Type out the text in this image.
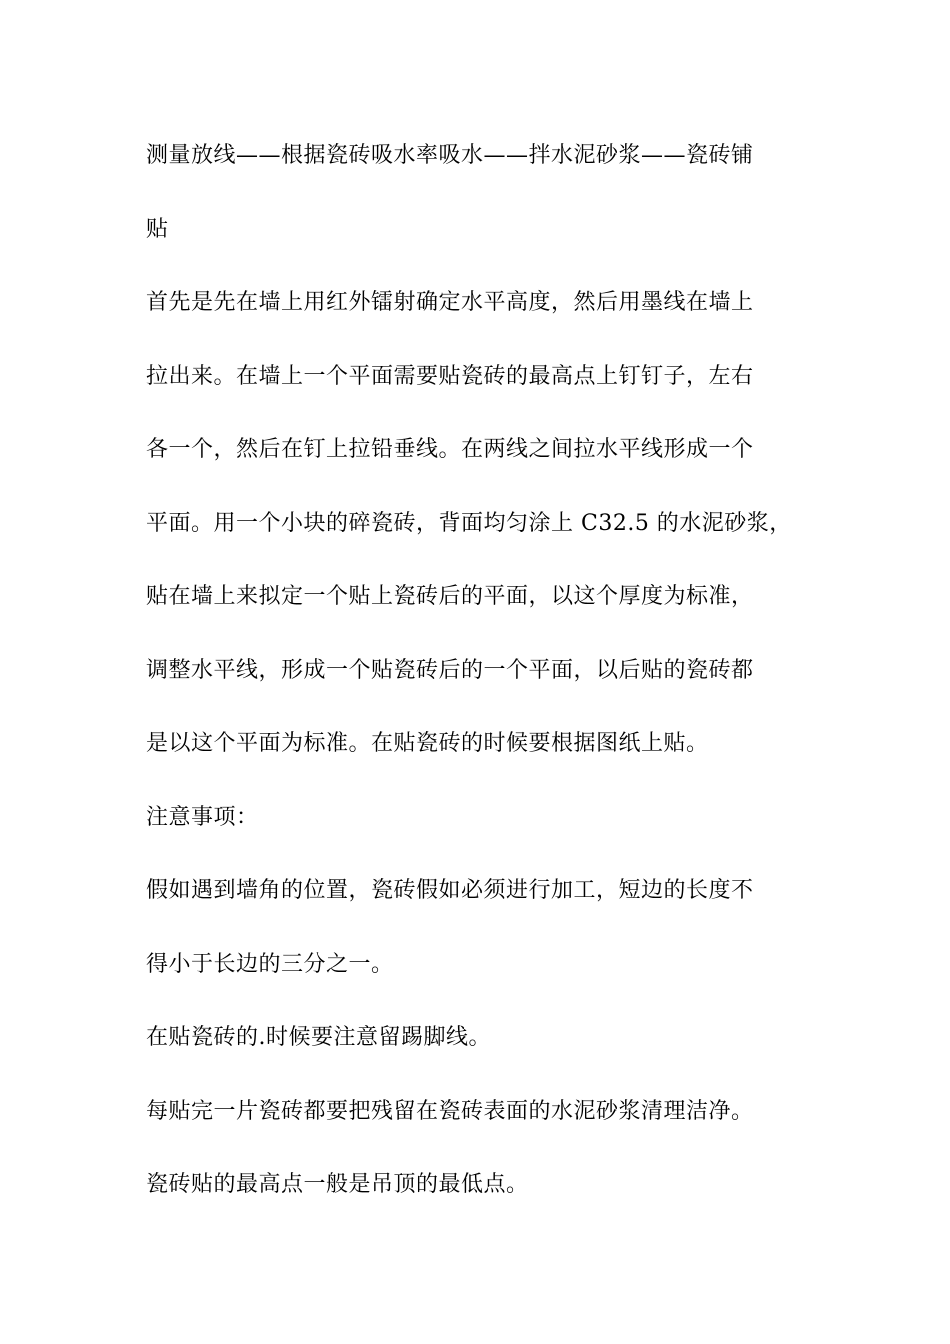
测量放线——根据瓷砖吸水率吸水——拌水泥砂浆——瓷砖铺
贴
首先是先在墙上用红外镭射确定水平高度，然后用墨线在墙上
拉出来。在墙上一个平面需要贴瓷砖的最高点上钉钉子，左右
各一个，然后在钉上拉铅垂线。在两线之间拉水平线形成一个
平面。用一个小块的碎瓷砖，背面均匀涂上 C32.5 的水泥砂浆，
贴在墙上来拟定一个贴上瓷砖后的平面，以这个厚度为标准，
调整水平线，形成一个贴瓷砖后的一个平面，以后贴的瓷砖都
是以这个平面为标准。在贴瓷砖的时候要根据图纸上贴。
注意事项：
假如遇到墙角的位置，瓷砖假如必须进行加工，短边的长度不
得小于长边的三分之一。
在贴瓷砖的.时候要注意留踢脚线。
每贴完一片瓷砖都要把残留在瓷砖表面的水泥砂浆清理洁净。
瓷砖贴的最高点一般是吊顶的最低点。
